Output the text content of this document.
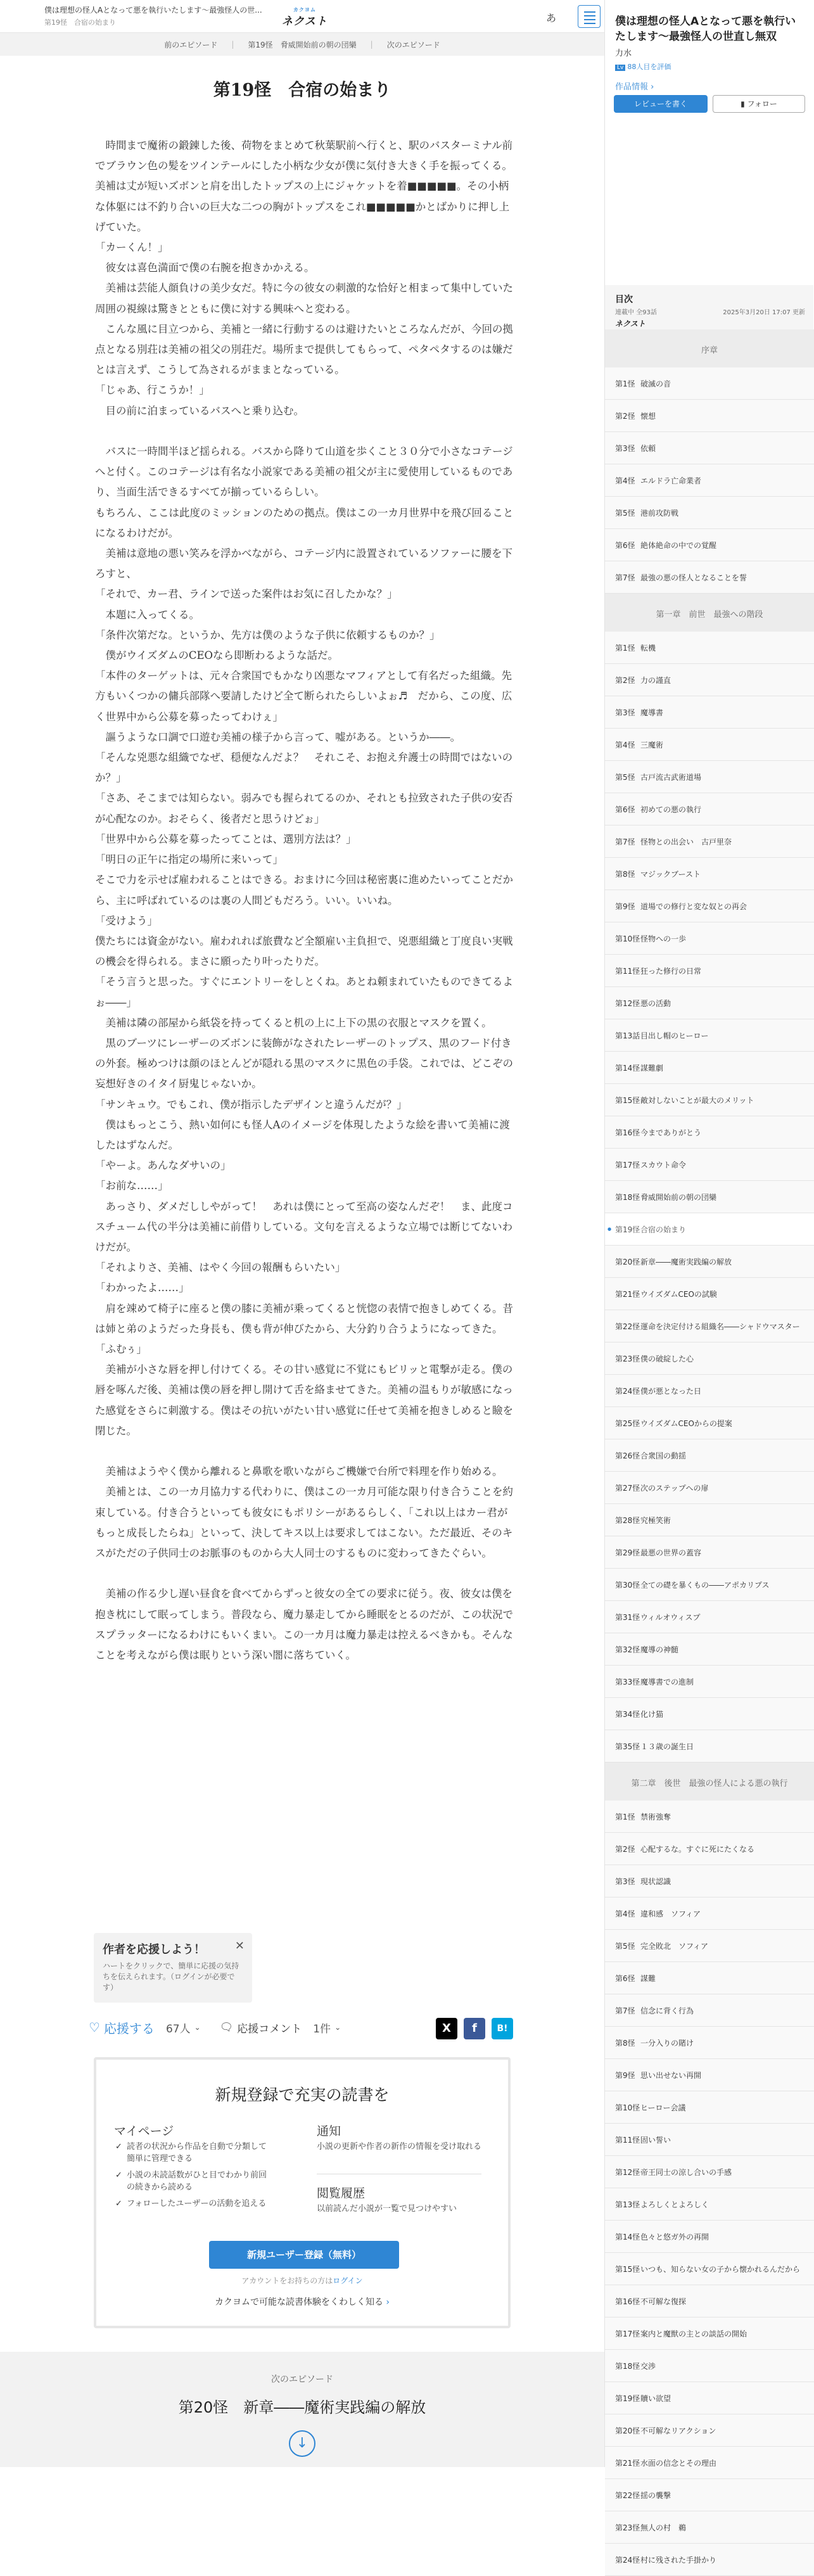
僕は理想の怪人Aとなって悪を執行いたします〜最強怪人の世...
第19怪　合宿の始まり
カクヨム
ネクスト	あ
前のエピソード | 第19怪　脅威開始前の朝の団欒 | 次のエピソード
第19怪　合宿の始まり

　時間まで魔術の鍛錬した後、荷物をまとめて秋葉駅前へ行くと、駅のバスターミナル前でブラウン色の髪をツインテールにした小柄な少女が僕に気付き大きく手を振ってくる。美補は丈が短いズボンと肩を出したトップスの上にジャケットを着■■■■■。その小柄な体躯には不釣り合いの巨大な二つの胸がトップスをこれ■■■■■かとばかりに押し上げていた。

「カーくん！」

　彼女は喜色満面で僕の右腕を抱きかかえる。

　美補は芸能人顔負けの美少女だ。特に今の彼女の刺激的な恰好と相まって集中していた周囲の視線は驚きとともに僕に対する興味へと変わる。

　こんな風に目立つから、美補と一緒に行動するのは避けたいところなんだが、今回の拠点となる別荘は美補の祖父の別荘だ。場所まで提供してもらって、ペタペタするのは嫌だとは言えず、こうして為されるがままとなっている。

「じゃあ、行こうか！」

　目の前に泊まっているバスへと乗り込む。

　バスに一時間半ほど揺られる。バスから降りて山道を歩くこと３０分で小さなコテージへと付く。このコテージは有名な小説家である美補の祖父が主に愛使用しているものであり、当面生活できるすべてが揃っているらしい。

もちろん、ここは此度のミッションのための拠点。僕はこの一カ月世界中を飛び回ることになるわけだが。

　美補は意地の悪い笑みを浮かべながら、コテージ内に設置されているソファーに腰を下ろすと、

「それで、カー君、ラインで送った案件はお気に召したかな？」

　本題に入ってくる。

「条件次第だな。というか、先方は僕のような子供に依頼するものか？」

　僕がウイズダムのCEOなら即断わるような話だ。

「本件のターゲットは、元々合衆国でもかなり凶悪なマフィアとして有名だった組織。先方もいくつかの傭兵部隊へ要請したけど全て断られたらしいよぉ♬　だから、この度、広く世界中から公募を募ったってわけぇ」

　謳うような口調で口遊む美補の様子から言って、嘘がある。というか――。

「そんな兇悪な組織でなぜ、穏便なんだよ？　それこそ、お抱え弁護士の時間ではないのか？」

「さあ、そこまでは知らない。弱みでも握られてるのか、それとも拉致された子供の安否が心配なのか。おそらく、後者だと思うけどぉ」

「世界中から公募を募ったってことは、選別方法は？」

「明日の正午に指定の場所に来いって」

そこで力を示せば雇われることはできる。おまけに今回は秘密裏に進めたいってことだから、主に呼ばれているのは裏の人間どもだろう。いい。いいね。

「受けよう」

僕たちには資金がない。雇われれば旅費など全額雇い主負担で、兇悪組織と丁度良い実戦の機会を得られる。まさに願ったり叶ったりだ。

「そう言うと思った。すぐにエントリーをしとくね。あとね頼まれていたものできてるよぉ――」

　美補は隣の部屋から紙袋を持ってくると机の上に上下の黒の衣服とマスクを置く。

　黒のブーツにレーザーのズボンに装飾がなされたレーザーのトップス、黒のフード付きの外套。極めつけは顔のほとんどが隠れる黒のマスクに黒色の手袋。これでは、どこぞの妄想好きのイタイ厨鬼じゃないか。

「サンキュウ。でもこれ、僕が指示したデザインと違うんだが？」

　僕はもっとこう、熱い如何にも怪人Aのイメージを体現したような絵を書いて美補に渡したはずなんだ。

「やーよ。あんなダサいの」

「お前な……」

　あっさり、ダメだししやがって！　あれは僕にとって至高の姿なんだぞ！　ま、此度コスチューム代の半分は美補に前借りしている。文句を言えるような立場では断じてないわけだが。

「それよりさ、美補、はやく今回の報酬もらいたい」

「わかったよ……」

　肩を竦めて椅子に座ると僕の膝に美補が乗ってくると恍惚の表情で抱きしめてくる。昔は姉と弟のようだった身長も、僕も背が伸びたから、大分釣り合うようになってきた。

「ふむぅ」

　美補が小さな唇を押し付けてくる。その甘い感覚に不覚にもビリッと電撃が走る。僕の唇を啄んだ後、美補は僕の唇を押し開けて舌を絡ませてきた。美補の温もりが敏感になった感覚をさらに刺激する。僕はその抗いがたい甘い感覚に任せて美補を抱きしめると瞼を閉じた。

　美補はようやく僕から離れると鼻歌を歌いながらご機嫌で台所で料理を作り始める。

　美補とは、この一カ月協力する代わりに、僕はこの一カ月可能な限り付き合うことを約束している。付き合うといっても彼女にもポリシーがあるらしく、「これ以上はカー君がもっと成長したらね」といって、決してキス以上は要求してはこない。ただ最近、そのキスがただの子供同士のお脈事のものから大人同士のするものに変わってきたぐらい。

　美補の作る少し遅い昼食を食べてからずっと彼女の全ての要求に従う。夜、彼女は僕を抱き枕にして眠ってしまう。普段なら、魔力暴走してから睡眠をとるのだが、この状況でスプラッターになるわけにもいくまい。この一カ月は魔力暴走は控えるべきかも。そんなことを考えながら僕は眠りという深い闇に落ちていく。

作者を応援しよう！
ハートをクリックで、簡単に応援の気持ちを伝えられます。（ログインが必要です）
✕
♡ 応援する 67人 ⌄ 🗨 応援コメント 1件 ⌄	X	f	B!
新規登録で充実の読書を
マイページ
✓ 読者の状況から作品を自動で分類して簡単に管理できる
✓ 小説の未読話数がひと目でわかり前回の続きから読める
✓ フォローしたユーザーの活動を追える
通知
小説の更新や作者の新作の情報を受け取れる
閲覧履歴
以前読んだ小説が一覧で見つけやすい
新規ユーザー登録（無料）
アカウントをお持ちの方はログイン
カクヨムで可能な読書体験をくわしく知る ›
次のエピソード
第20怪　新章――魔術実践編の解放
↓
僕は理想の怪人Aとなって悪を執行いたします〜最強怪人の世直し無双
力水
Lv 88人目を評価
作品情報 ›
レビューを書く	▮ フォロー
目次
連載中 全93話	2025年3月20日 17:07 更新
ネクスト
序章
第1怪 破滅の音
第2怪 懐想
第3怪 依頼
第4怪 エルドラ亡命業者
第5怪 港前攻防戦
第6怪 絶体絶命の中での覚醒
第7怪 最強の悪の怪人となることを誓
第一章　前世　最強への階段
第1怪 転機
第2怪 力の謹直
第3怪 魔導書
第4怪 三魔術
第5怪 古戸流古武術道場
第6怪 初めての悪の執行
第7怪 怪物との出会い　古戸里奈
第8怪 マジックブースト
第9怪 道場での修行と変な奴との再会
第10怪 怪物への一歩
第11怪 狂った修行の日常
第12怪 悪の活動
第13話 目出し帽のヒーロー
第14怪 謀難劇
第15怪 敵対しないことが最大のメリット
第16怪 今までありがとう
第17怪 スカウト命令
第18怪 脅威開始前の朝の団欒
● 第19怪 合宿の始まり
第20怪 新章――魔術実践編の解放
第21怪 ウイズダムCEOの試験
第22怪 運命を決定付ける組織名――シャドウマスター
第23怪 僕の破綻した心
第24怪 僕が悪となった日
第25怪 ウイズダムCEOからの提案
第26怪 合衆国の動揺
第27怪 次のステップへの扉
第28怪 究極笑術
第29怪 最悪の世界の蓋容
第30怪 全ての礎を暴くもの――アポカリプス
第31怪 ウィルオウィスプ
第32怪 魔導の神髄
第33怪 魔導書での進制
第34怪 化け猫
第35怪 １３歳の誕生日
第二章　後世　最強の怪人による悪の執行
第1怪 禁術強奪
第2怪 心配するな。すぐに死にたくなる
第3怪 現状認識
第4怪 違和感　ソフィア
第5怪 完全敗北　ソフィア
第6怪 謀難
第7怪 信念に背く行為
第8怪 一分入りの賭け
第9怪 思い出せない再開
第10怪 ヒーロー会議
第11怪 固い誓い
第12怪 帝王同士の涼し合いの手感
第13怪 よろしくとよろしく
第14怪 色々と悠ガ外の再開
第15怪 いつも、知らない女の子から懐かれるんだから
第16怪 不可解な復探
第17怪 案内と魔獣の主との談話の開始
第18怪 交渉
第19怪 贖い欲望
第20怪 不可解なリアクション
第21怪 水面の信念とその理由
第22怪 揺の襲撃
第23怪 無人の村　鵜
第24怪 村に残された手掛かり
